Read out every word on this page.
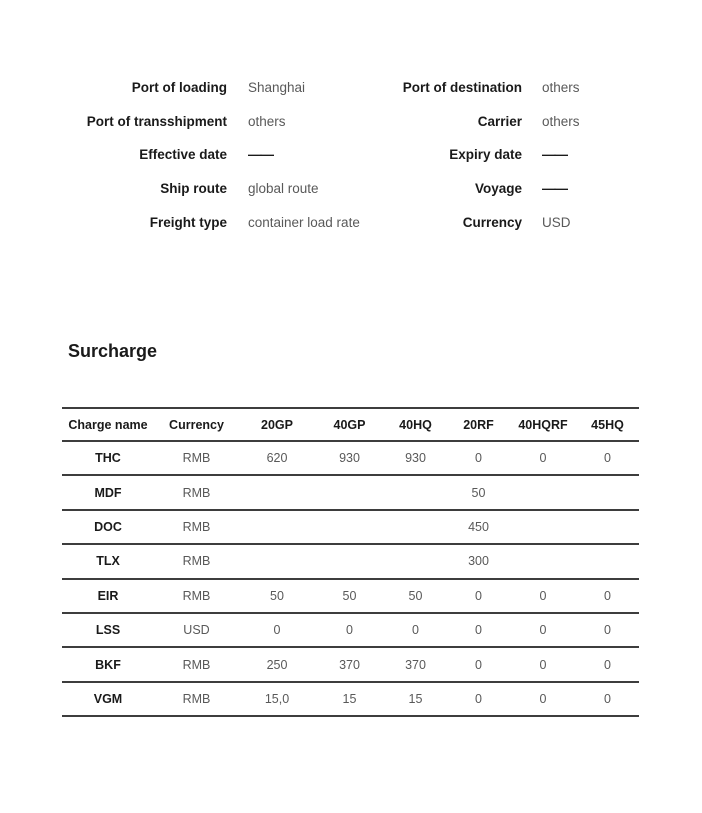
Port of loading	Shanghai	Port of destination	others
Port of transshipment	others	Carrier	others
Effective date	——	Expiry date	——
Ship route	global route	Voyage	——
Freight type	container load rate	Currency	USD
Surcharge
Charge name	Currency	20GP	40GP	40HQ	20RF	40HQRF	45HQ
THC	RMB	620	930	930	0	0	0
MDF	RMB				50		
DOC	RMB				450		
TLX	RMB				300		
EIR	RMB	50	50	50	0	0	0
LSS	USD	0	0	0	0	0	0
BKF	RMB	250	370	370	0	0	0
VGM	RMB	15,0	15	15	0	0	0
